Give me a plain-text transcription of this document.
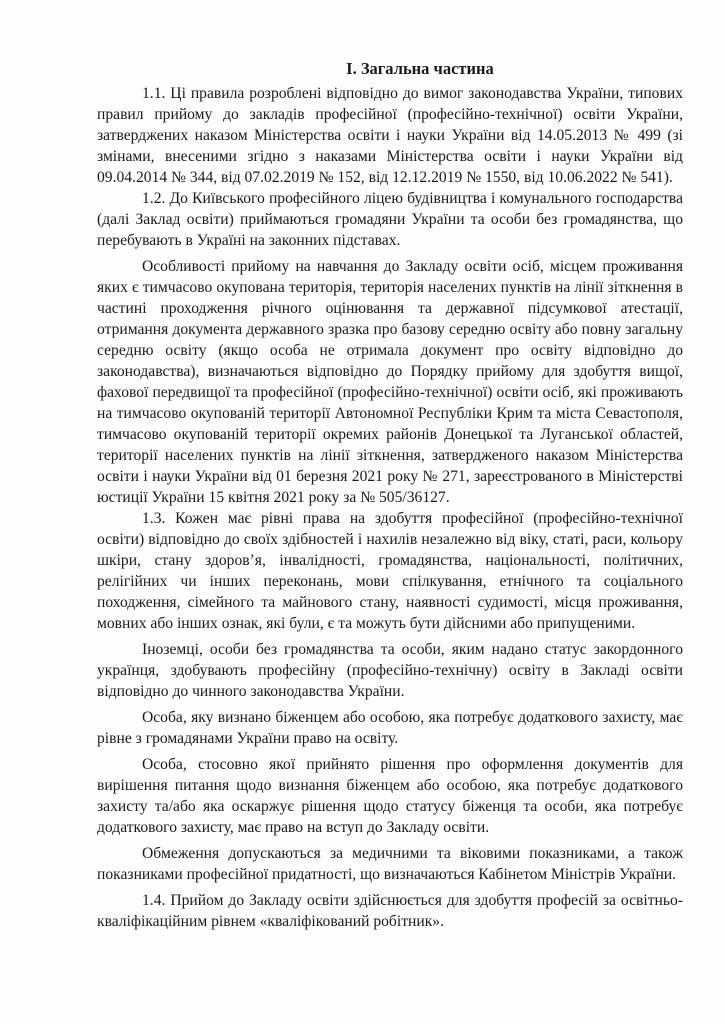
І. Загальна частина

1.1. Ці правила розроблені відповідно до вимог законодавства України, типових правил прийому до закладів професійної (професійно-технічної) освіти України, затверджених наказом Міністерства освіти і науки України від 14.05.2013 № 499 (зі змінами, внесеними згідно з наказами Міністерства освіти і науки України від 09.04.2014 № 344, від 07.02.2019 № 152, від 12.12.2019 № 1550, від 10.06.2022 № 541).

1.2. До Київського професійного ліцею будівництва і комунального господарства (далі Заклад освіти) приймаються громадяни України та особи без громадянства, що перебувають в Україні на законних підставах.

Особливості прийому на навчання до Закладу освіти осіб, місцем проживання яких є тимчасово окупована територія, територія населених пунктів на лінії зіткнення в частині проходження річного оцінювання та державної підсумкової атестації, отримання документа державного зразка про базову середню освіту або повну загальну середню освіту (якщо особа не отримала документ про освіту відповідно до законодавства), визначаються відповідно до Порядку прийому для здобуття вищої, фахової передвищої та професійної (професійно-технічної) освіти осіб, які проживають на тимчасово окупованій території Автономної Республіки Крим та міста Севастополя, тимчасово окупованій території окремих районів Донецької та Луганської областей, території населених пунктів на лінії зіткнення, затвердженого наказом Міністерства освіти і науки України від 01 березня 2021 року № 271, зареєстрованого в Міністерстві юстиції України 15 квітня 2021 року за № 505/36127.

1.3. Кожен має рівні права на здобуття професійної (професійно-технічної освіти) відповідно до своїх здібностей і нахилів незалежно від віку, статі, раси, кольору шкіри, стану здоров’я, інвалідності, громадянства, національності, політичних, релігійних чи інших переконань, мови спілкування, етнічного та соціального походження, сімейного та майнового стану, наявності судимості, місця проживання, мовних або інших ознак, які були, є та можуть бути дійсними або припущеними.

Іноземці, особи без громадянства та особи, яким надано статус закордонного українця, здобувають професійну (професійно-технічну) освіту в Закладі освіти відповідно до чинного законодавства України.

Особа, яку визнано біженцем або особою, яка потребує додаткового захисту, має рівне з громадянами України право на освіту.

Особа, стосовно якої прийнято рішення про оформлення документів для вирішення питання щодо визнання біженцем або особою, яка потребує додаткового захисту та/або яка оскаржує рішення щодо статусу біженця та особи, яка потребує додаткового захисту, має право на вступ до Закладу освіти.

Обмеження допускаються за медичними та віковими показниками, а також показниками професійної придатності, що визначаються Кабінетом Міністрів України.

1.4. Прийом до Закладу освіти здійснюється для здобуття професій за освітньо-кваліфікаційним рівнем «кваліфікований робітник».
